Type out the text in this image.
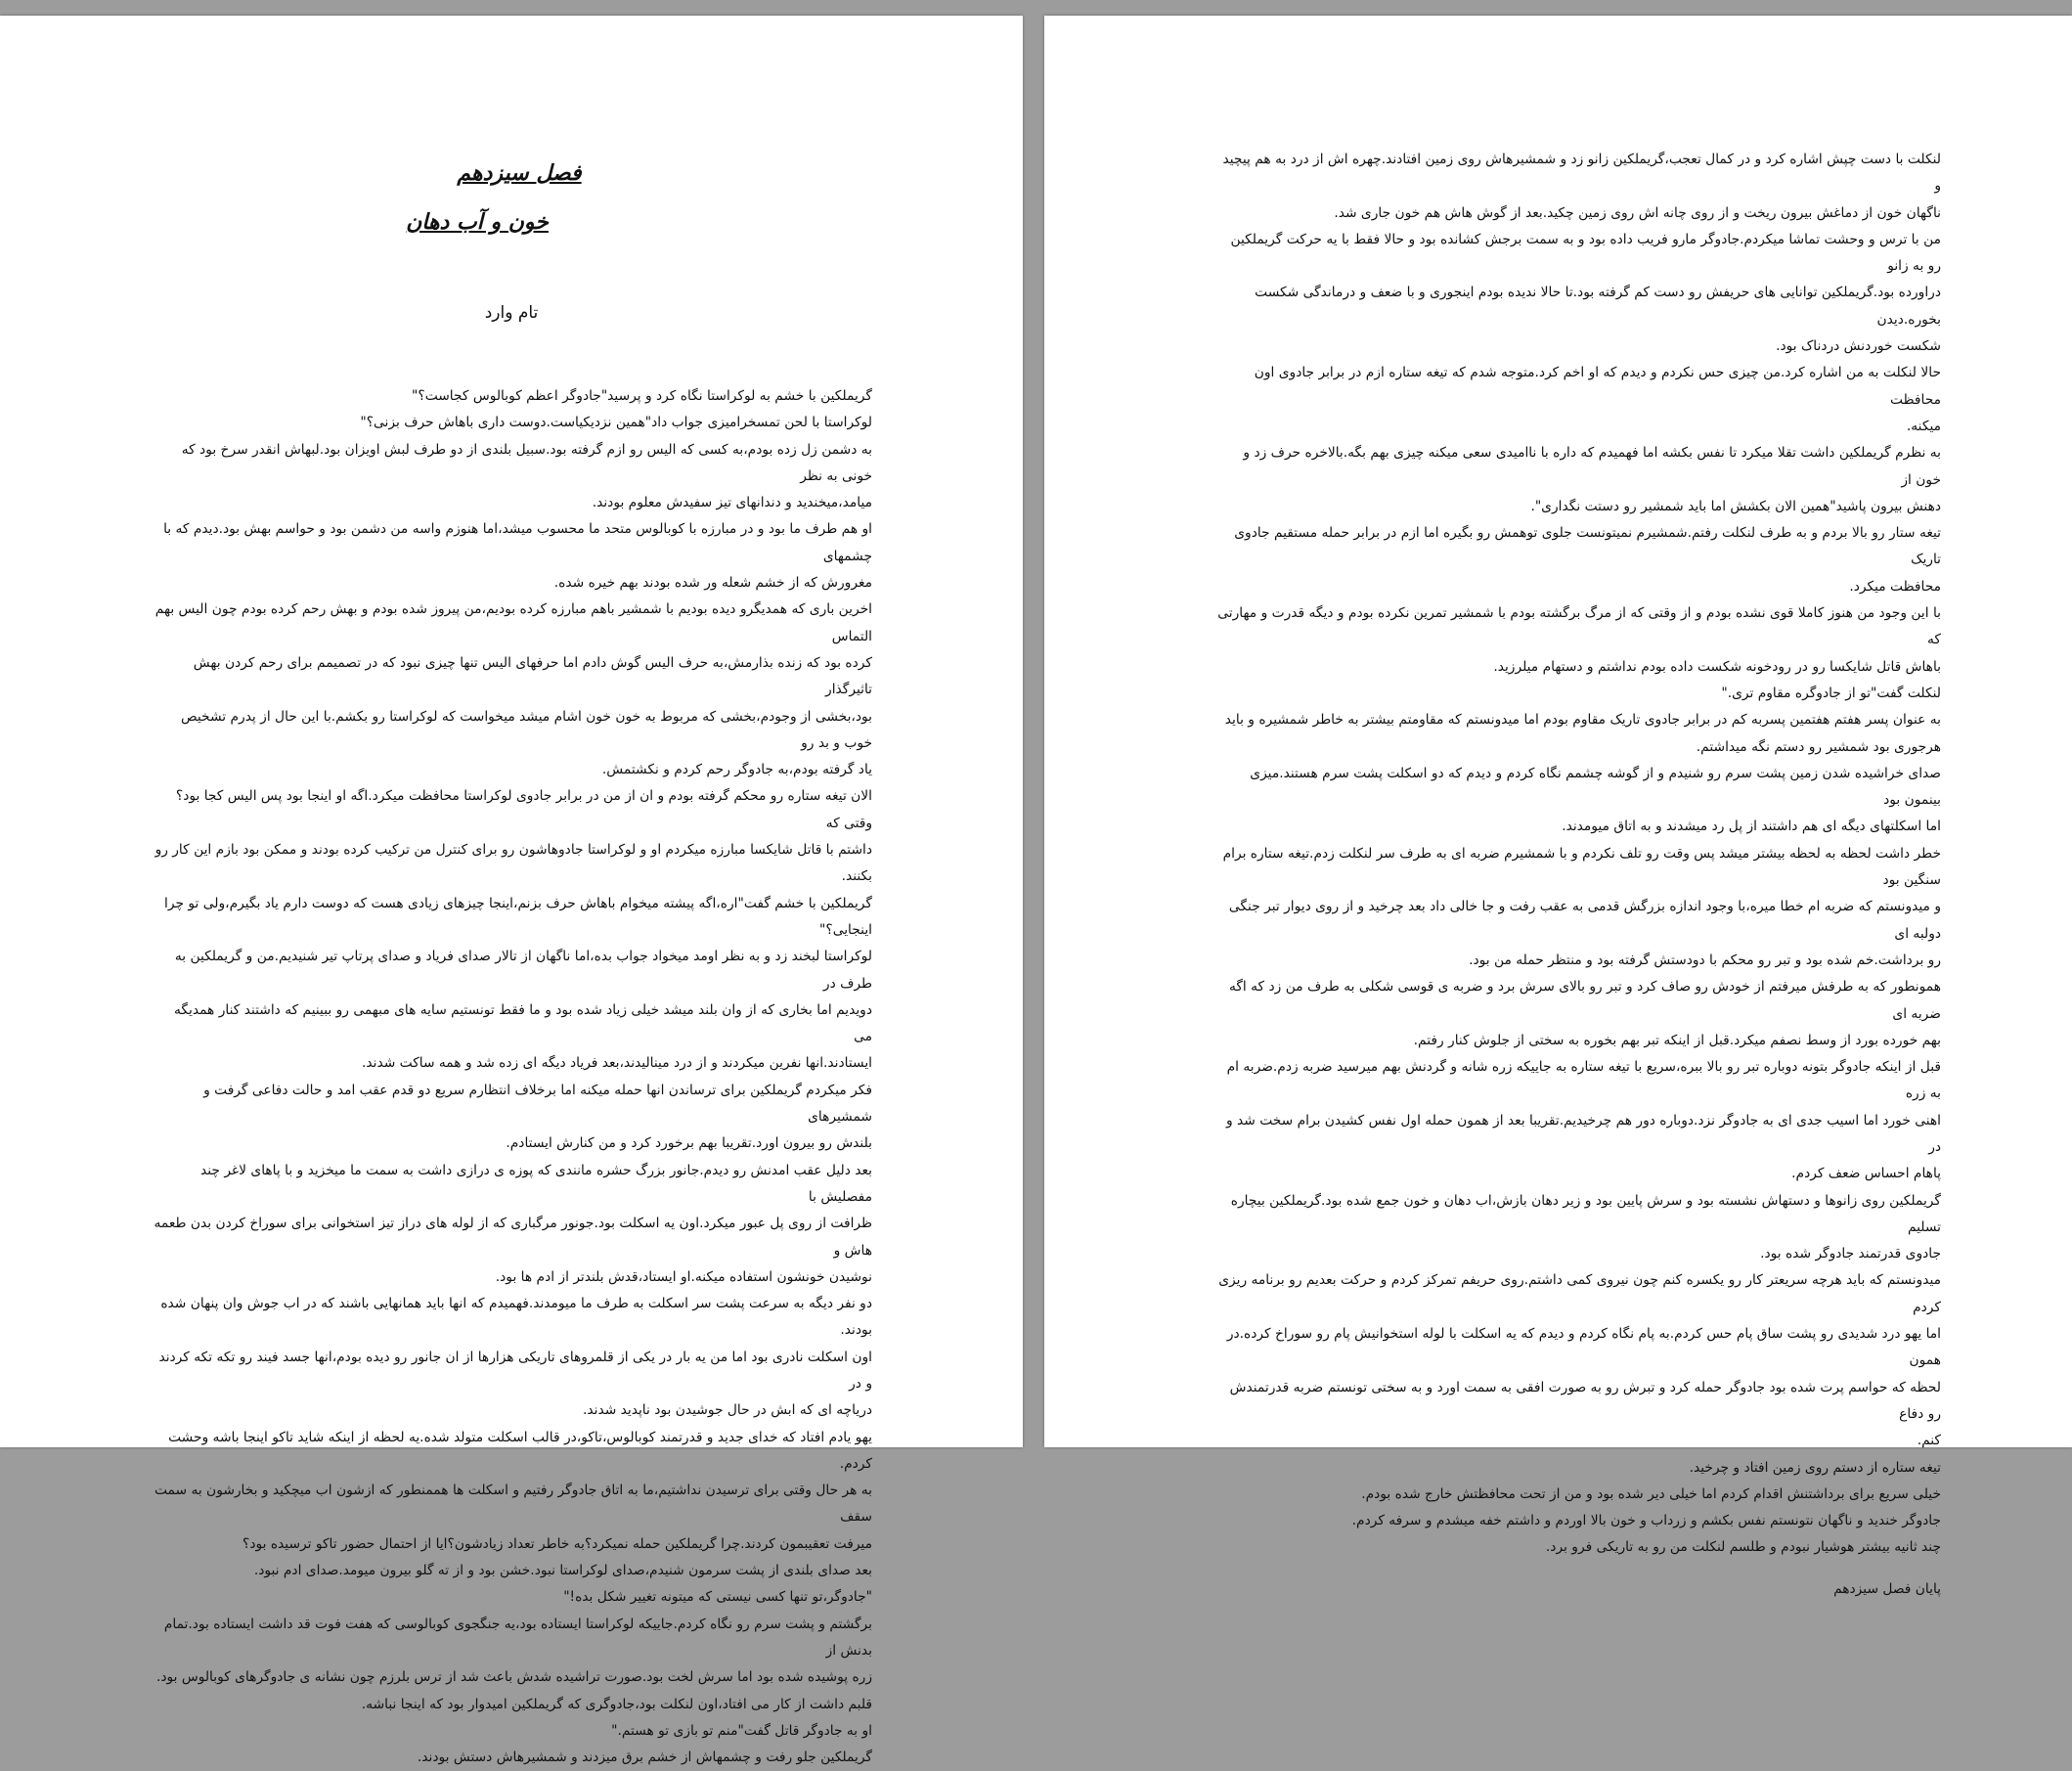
فصل سیزدهم

خون و آب دهان

تام وارد

گریملکین با خشم به لوکراستا نگاه کرد و پرسید"جادوگر اعظم کوبالوس کجاست؟"

لوکراستا با لحن تمسخرامیزی جواب داد"همین نزدیکیاست.دوست داری باهاش حرف بزنی؟"

به دشمن زل زده بودم،به کسی که الیس رو ازم گرفته بود.سبیل بلندی از دو طرف لبش اویزان بود.لبهاش انقدر سرخ بود که خونی به نظر

میامد،میخندید و دندانهای تیز سفیدش معلوم بودند.

او هم طرف ما بود و در مبارزه با کوبالوس متحد ما محسوب میشد،اما هنوزم واسه من دشمن بود و حواسم بهش بود.دیدم که با چشمهای

مغرورش که از خشم شعله ور شده بودند بهم خیره شده.

اخرین باری که همدیگرو دیده بودیم با شمشیر باهم مبارزه کرده بودیم،من پیروز شده بودم و بهش رحم کرده بودم چون الیس بهم التماس

کرده بود که زنده بذارمش،به حرف الیس گوش دادم اما حرفهای الیس تنها چیزی نبود که در تصمیمم برای رحم کردن بهش تاثیرگذار

بود،بخشی از وجودم،بخشی که مربوط به خون خون اشام میشد میخواست که لوکراستا رو بکشم.با این حال از پدرم تشخیص خوب و بد رو

یاد گرفته بودم،به جادوگر رحم کردم و نکشتمش.

الان تیغه ستاره رو محکم گرفته بودم و ان از من در برابر جادوی لوکراستا محافظت میکرد.اگه او اینجا بود پس الیس کجا بود؟وقتی که

داشتم با قاتل شایکسا مبارزه میکردم او و لوکراستا جادوهاشون رو برای کنترل من ترکیب کرده بودند و ممکن بود بازم این کار رو بکنند.

گریملکین با خشم گفت"اره،اگه پیشته میخوام باهاش حرف بزنم،اینجا چیزهای زیادی هست که دوست دارم یاد بگیرم،ولی تو چرا

اینجایی؟"

لوکراستا لبخند زد و به نظر اومد میخواد جواب بده،اما ناگهان از تالار صدای فریاد و صدای پرتاپ تیر شنیدیم.من و گریملکین به طرف در

دویدیم اما بخاری که از وان بلند میشد خیلی زیاد شده بود و ما فقط تونستیم سایه های مبهمی رو ببینیم که داشتند کنار همدیگه می

ایستادند.انها نفرین میکردند و از درد مینالیدند،بعد فریاد دیگه ای زده شد و همه ساکت شدند.

فکر میکردم گریملکین برای ترساندن انها حمله میکنه اما برخلاف انتظارم سریع دو قدم عقب امد و حالت دفاعی گرفت و شمشیرهای

بلندش رو بیرون اورد.تقریبا بهم برخورد کرد و من کنارش ایستادم.

بعد دلیل عقب امدنش رو دیدم.جانور بزرگ حشره مانندی که پوزه ی درازی داشت به سمت ما میخزید و با پاهای لاغر چند مفصلیش با

ظرافت از روی پل عبور میکرد.اون یه اسکلت بود.جونور مرگباری که از لوله های دراز تیز استخوانی برای سوراخ کردن بدن طعمه هاش و

نوشیدن خونشون استفاده میکنه.او ایستاد،قدش بلندتر از ادم ها بود.

دو نفر دیگه به سرعت پشت سر اسکلت به طرف ما میومدند.فهمیدم که انها باید همانهایی باشند که در اب جوش وان پنهان شده بودند.

اون اسکلت نادری بود اما من یه بار در یکی از قلمروهای تاریکی هزارها از ان جانور رو دیده بودم،انها جسد فیند رو تکه تکه کردند و در

دریاچه ای که ابش در حال جوشیدن بود ناپدید شدند.

یهو یادم افتاد که خدای جدید و قدرتمند کوبالوس،تاکو،در قالب اسکلت متولد شده.یه لحظه از اینکه شاید تاکو اینجا باشه وحشت کردم.

به هر حال وقتی برای ترسیدن نداشتیم،ما به اتاق جادوگر رفتیم و اسکلت ها هممنطور که ازشون اب میچکید و بخارشون به سمت سقف

میرفت تعقیبمون کردند.چرا گریملکین حمله نمیکرد؟به خاطر تعداد زیادشون؟ایا از احتمال حضور تاکو ترسیده بود؟

بعد صدای بلندی از پشت سرمون شنیدم،صدای لوکراستا نبود.خشن بود و از ته گلو بیرون میومد.صدای ادم نبود.

"جادوگر،تو تنها کسی نیستی که میتونه تغییر شکل بده!"

برگشتم و پشت سرم رو نگاه کردم.جاییکه لوکراستا ایستاده بود،یه جنگجوی کوبالوسی که هفت فوت قد داشت ایستاده بود.تمام بدنش از

زره پوشیده شده بود اما سرش لخت بود.صورت تراشیده شدش باعث شد از ترس بلرزم چون نشانه ی جادوگرهای کوبالوس بود.

قلبم داشت از کار می افتاد،اون لنکلت بود،جادوگری که گریملکین امیدوار بود که اینجا نباشه.

او به جادوگر قاتل گفت"منم تو بازی تو هستم."

گریملکین جلو رفت و چشمهاش از خشم برق میزدند و شمشیرهاش دستش بودند.

لنکلت با دست چپش اشاره کرد و در کمال تعجب،گریملکین زانو زد و شمشیرهاش روی زمین افتادند.چهره اش از درد به هم پیچید و

ناگهان خون از دماغش بیرون ریخت و از روی چانه اش روی زمین چکید.بعد از گوش هاش هم خون جاری شد.

من با ترس و وحشت تماشا میکردم.جادوگر مارو فریب داده بود و به سمت برجش کشانده بود و حالا فقط با یه حرکت گریملکین رو به زانو

دراورده بود.گریملکین توانایی های حریفش رو دست کم گرفته بود.تا حالا ندیده بودم اینجوری و با ضعف و درماندگی شکست بخوره.دیدن

شکست خوردنش دردناک بود.

حالا لنکلت به من اشاره کرد.من چیزی حس نکردم و دیدم که او اخم کرد.متوجه شدم که تیغه ستاره ازم در برابر جادوی اون محافظت

میکنه.

به نظرم گریملکین داشت تقلا میکرد تا نفس بکشه اما فهمیدم که داره با ناامیدی سعی میکنه چیزی بهم بگه.بالاخره حرف زد و خون از

دهنش بیرون پاشید"همین الان بکشش اما باید شمشیر رو دستت نگداری".

تیغه ستار رو بالا بردم و به طرف لنکلت رفتم.شمشیرم نمیتونست جلوی توهمش رو بگیره اما ازم در برابر حمله مستقیم جادوی تاریک

محافظت میکرد.

با این وجود من هنوز کاملا قوی نشده بودم و از وقتی که از مرگ برگشته بودم با شمشیر تمرین نکرده بودم و دیگه قدرت و مهارتی که

باهاش قاتل شایکسا رو در رودخونه شکست داده بودم نداشتم و دستهام میلرزید.

لنکلت گفت"تو از جادوگره مقاوم تری."

به عنوان پسر هفتم هفتمین پسربه کم در برابر جادوی تاریک مقاوم بودم اما میدونستم که مقاومتم بیشتر به خاطر شمشیره و باید

هرجوری بود شمشیر رو دستم نگه میداشتم.

صدای خراشیده شدن زمین پشت سرم رو شنیدم و از گوشه چشمم نگاه کردم و دیدم که دو اسکلت پشت سرم هستند.میزی بینمون بود

اما اسکلتهای دیگه ای هم داشتند از پل رد میشدند و به اتاق میومدند.

خطر داشت لحظه به لحظه بیشتر میشد پس وقت رو تلف نکردم و با شمشیرم ضربه ای به طرف سر لنکلت زدم.تیغه ستاره برام سنگین بود

و میدونستم که ضربه ام خطا میره،با وجود اندازه بزرگش قدمی به عقب رفت و جا خالی داد بعد چرخید و از روی دیوار تبر جنگی دولبه ای

رو برداشت.خم شده بود و تبر رو محکم با دودستش گرفته بود و منتظر حمله من بود.

همونطور که به طرفش میرفتم از خودش رو صاف کرد و تبر رو بالای سرش برد و ضربه ی قوسی شکلی به طرف من زد که اگه ضربه ای

بهم خورده بورد از وسط نصفم میکرد.قبل از اینکه تبر بهم بخوره به سختی از جلوش کنار رفتم.

قبل از اینکه جادوگر بتونه دوباره تبر رو بالا ببره،سریع با تیغه ستاره به جاییکه زره شانه و گردنش بهم میرسید ضربه زدم.ضربه ام به زره

اهنی خورد اما اسیب جدی ای به جادوگر نزد.دوباره دور هم چرخیدیم.تقریبا بعد از همون حمله اول نفس کشیدن برام سخت شد و در

پاهام احساس ضعف کردم.

گریملکین روی زانوها و دستهاش نشسته بود و سرش پایین بود و زیر دهان بازش،اب دهان و خون جمع شده بود.گریملکین بیچاره تسلیم

جادوی قدرتمند جادوگر شده بود.

میدونستم که باید هرچه سریعتر کار رو یکسره کنم چون نیروی کمی داشتم.روی حریفم تمرکز کردم و حرکت بعدیم رو برنامه ریزی کردم

اما یهو درد شدیدی رو پشت ساق پام حس کردم.به پام نگاه کردم و دیدم که یه اسکلت با لوله استخوانیش پام رو سوراخ کرده.در همون

لحظه که حواسم پرت شده بود جادوگر حمله کرد و تبرش رو به صورت افقی به سمت اورد و به سختی تونستم ضربه قدرتمندش رو دفاع

کنم.

تیغه ستاره از دستم روی زمین افتاد و چرخید.

خیلی سریع برای برداشتنش اقدام کردم اما خیلی دیر شده بود و من از تحت محافظتش خارج شده بودم.

جادوگر خندید و ناگهان نتونستم نفس بکشم و زرداب و خون بالا اوردم و داشتم خفه میشدم و سرفه کردم.

چند ثانیه بیشتر هوشیار نبودم و طلسم لنکلت من رو به تاریکی فرو برد.

پایان فصل سیزدهم
